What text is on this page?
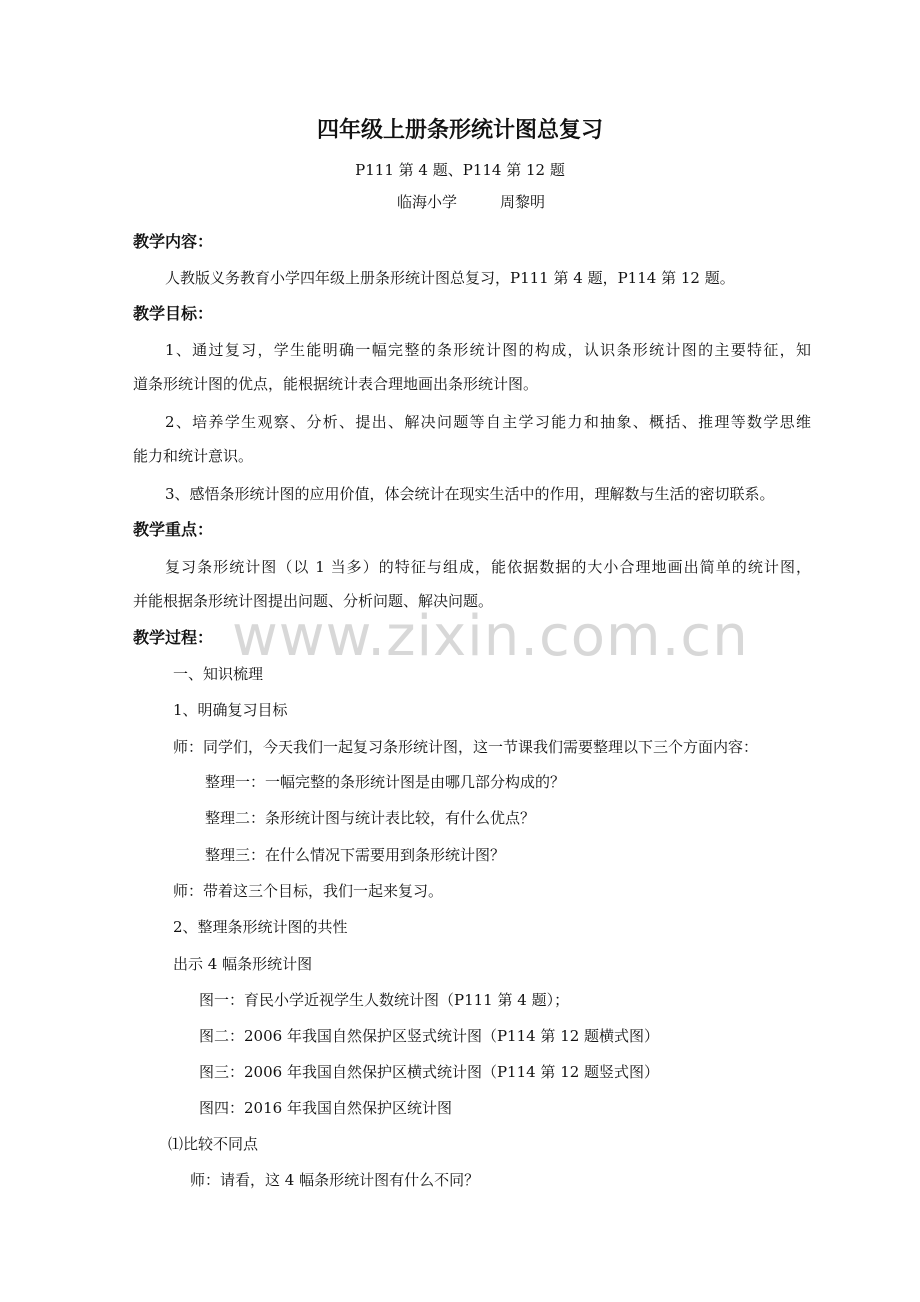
www.zixin.com.cn
四年级上册条形统计图总复习
P111 第 4 题、P114 第 12 题
临海小学	周黎明
教学内容：
人教版义务教育小学四年级上册条形统计图总复习，P111 第 4 题，P114 第 12 题。
教学目标：
1、通过复习，学生能明确一幅完整的条形统计图的构成，认识条形统计图的主要特征，知
道条形统计图的优点，能根据统计表合理地画出条形统计图。
2、培养学生观察、分析、提出、解决问题等自主学习能力和抽象、概括、推理等数学思维
能力和统计意识。
3、感悟条形统计图的应用价值，体会统计在现实生活中的作用，理解数与生活的密切联系。
教学重点：
复习条形统计图（以 1 当多）的特征与组成，能依据数据的大小合理地画出简单的统计图，
并能根据条形统计图提出问题、分析问题、解决问题。
教学过程：
一、知识梳理
1、明确复习目标
师：同学们，今天我们一起复习条形统计图，这一节课我们需要整理以下三个方面内容：
整理一：一幅完整的条形统计图是由哪几部分构成的？
整理二：条形统计图与统计表比较，有什么优点？
整理三：在什么情况下需要用到条形统计图？
师：带着这三个目标，我们一起来复习。
2、整理条形统计图的共性
出示 4 幅条形统计图
图一：育民小学近视学生人数统计图（P111 第 4 题）；
图二：2006 年我国自然保护区竖式统计图（P114 第 12 题横式图）
图三：2006 年我国自然保护区横式统计图（P114 第 12 题竖式图）
图四：2016 年我国自然保护区统计图
⑴比较不同点
师：请看，这 4 幅条形统计图有什么不同？
